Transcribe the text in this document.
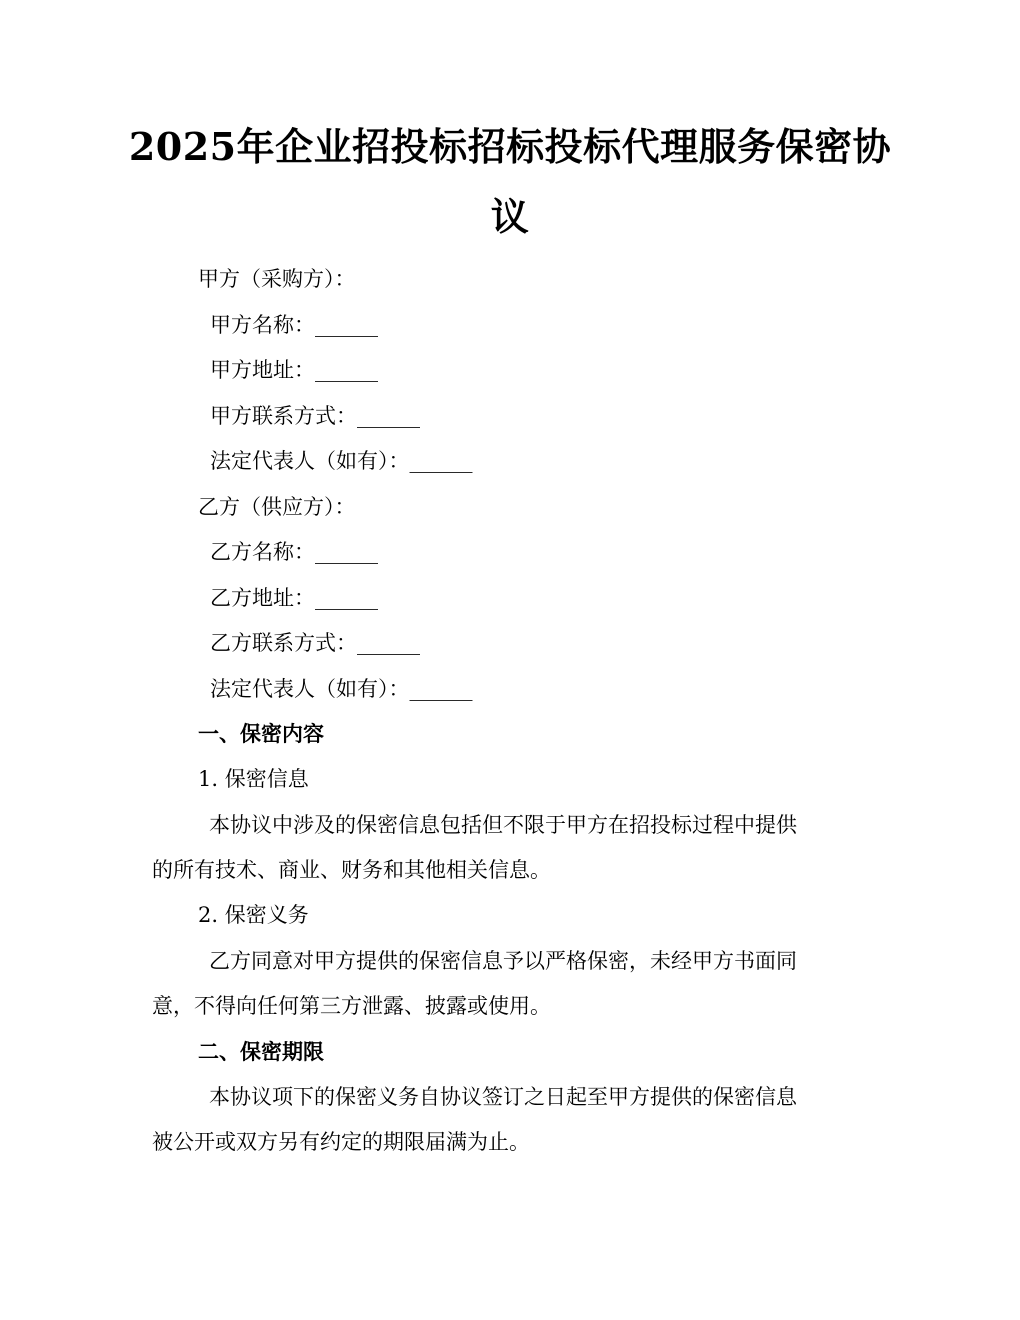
2025年企业招投标招标投标代理服务保密协
议
甲方（采购方）：
甲方名称：______
甲方地址：______
甲方联系方式：______
法定代表人（如有）：______
乙方（供应方）：
乙方名称：______
乙方地址：______
乙方联系方式：______
法定代表人（如有）：______
一、保密内容
1. 保密信息
本协议中涉及的保密信息包括但不限于甲方在招投标过程中提供
的所有技术、商业、财务和其他相关信息。
2. 保密义务
乙方同意对甲方提供的保密信息予以严格保密，未经甲方书面同
意，不得向任何第三方泄露、披露或使用。
二、保密期限
本协议项下的保密义务自协议签订之日起至甲方提供的保密信息
被公开或双方另有约定的期限届满为止。
